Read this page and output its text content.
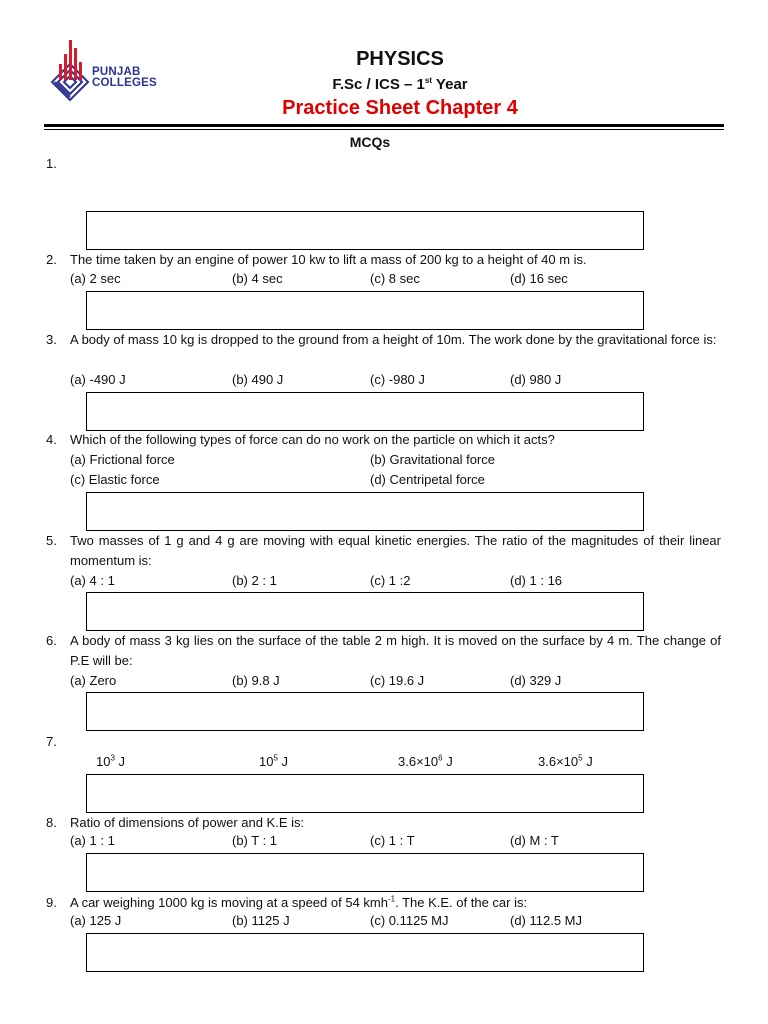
PUNJAB
COLLEGES
PHYSICS
F.Sc / ICS – 1st Year
Practice Sheet Chapter 4
MCQs
1.
2.	The time taken by an engine of power 10 kw to lift a mass of 200 kg to a height of 40 m is.
(a) 2 sec	(b) 4 sec	(c) 8 sec	(d) 16 sec
3.	A body of mass 10 kg is dropped to the ground from a height of 10m. The work done by the gravitational force is:
(a) -490 J	(b) 490 J	(c) -980 J	(d) 980 J
4.	Which of the following types of force can do no work on the particle on which it acts?
(a) Frictional force	(b) Gravitational force
(c) Elastic force	(d) Centripetal force
5.	Two masses of 1 g and 4 g are moving with equal kinetic energies. The ratio of the magnitudes of their linear momentum is:
(a) 4 : 1	(b) 2 : 1	(c) 1 :2	(d) 1 : 16
6.	A body of mass 3 kg lies on the surface of the table 2 m high. It is moved on the surface by 4 m. The change of P.E will be:
(a) Zero	(b) 9.8 J	(c) 19.6 J	(d) 329 J
7.
$10^3$ J	$10^5$ J	$3.6\times 10^6$ J	$3.6\times 10^5$ J
8.	Ratio of dimensions of power and K.E is:
(a) 1 : 1	(b) T : 1	(c) 1 : T	(d) M : T
9.	A car weighing 1000 kg is moving at a speed of 54 kmh$^{-1}$. The K.E. of the car is:
(a) 125 J	(b) 1125 J	(c) 0.1125 MJ	(d) 112.5 MJ
